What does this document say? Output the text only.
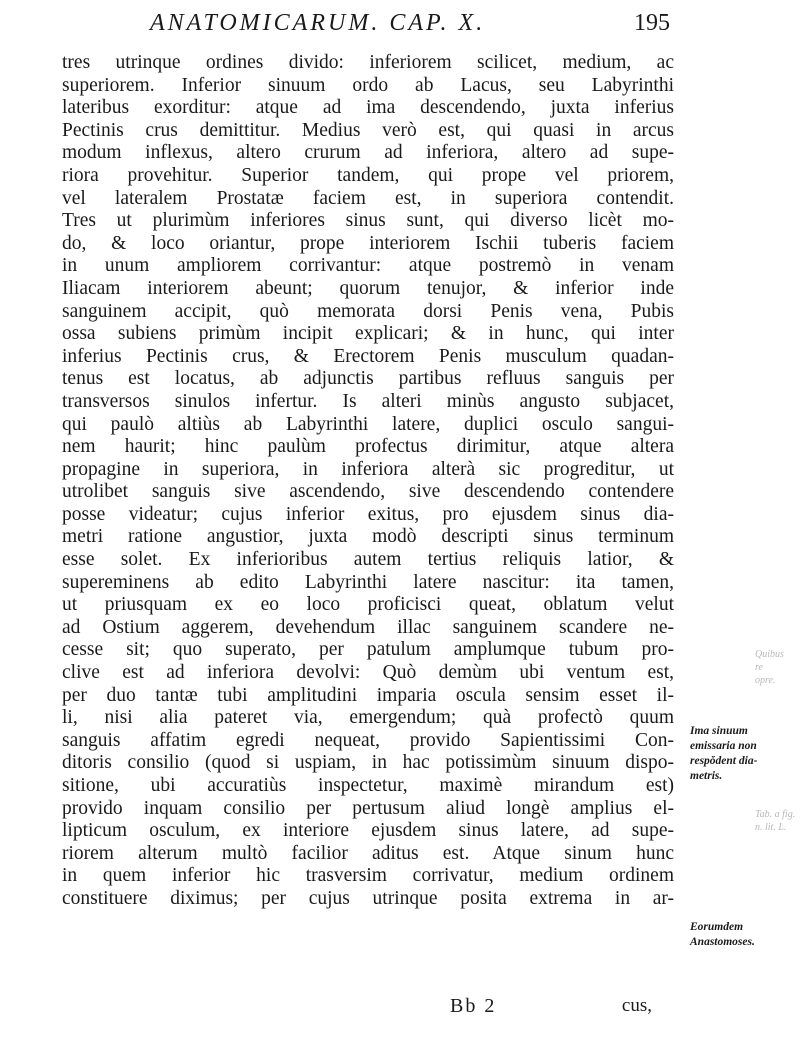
ANATOMICARUM. CAP. X.	195
tres utrinque ordines divido: inferiorem scilicet, medium, ac
superiorem. Inferior sinuum ordo ab Lacus, seu Labyrinthi
lateribus exorditur: atque ad ima descendendo, juxta inferius
Pectinis crus demittitur. Medius verò est, qui quasi in arcus
modum inflexus, altero crurum ad inferiora, altero ad supe-
riora provehitur. Superior tandem, qui prope vel priorem,
vel lateralem Prostatæ faciem est, in superiora contendit.
Tres ut plurimùm inferiores sinus sunt, qui diverso licèt mo-
do, & loco oriantur, prope interiorem Ischii tuberis faciem
in unum ampliorem corrivantur: atque postremò in venam
Iliacam interiorem abeunt; quorum tenujor, & inferior inde
sanguinem accipit, quò memorata dorsi Penis vena, Pubis
ossa subiens primùm incipit explicari; & in hunc, qui inter
inferius Pectinis crus, & Erectorem Penis musculum quadan-
tenus est locatus, ab adjunctis partibus refluus sanguis per
transversos sinulos infertur. Is alteri minùs angusto subjacet,
qui paulò altiùs ab Labyrinthi latere, duplici osculo sangui-
nem haurit; hinc paulùm profectus dirimitur, atque altera
propagine in superiora, in inferiora alterà sic progreditur, ut
utrolibet sanguis sive ascendendo, sive descendendo contendere
posse videatur; cujus inferior exitus, pro ejusdem sinus dia-
metri ratione angustior, juxta modò descripti sinus terminum
esse solet. Ex inferioribus autem tertius reliquis latior, &
supereminens ab edito Labyrinthi latere nascitur: ita tamen,
ut priusquam ex eo loco proficisci queat, oblatum velut
ad Ostium aggerem, devehendum illac sanguinem scandere ne-
cesse sit; quo superato, per patulum amplumque tubum pro-
clive est ad inferiora devolvi: Quò demùm ubi ventum est,
per duo tantæ tubi amplitudini imparia oscula sensim esset il-
li, nisi alia pateret via, emergendum; quà profectò quum
sanguis affatim egredi nequeat, provido Sapientissimi Con-
ditoris consilio (quod si uspiam, in hac potissimùm sinuum dispo-
sitione, ubi accuratiùs inspectetur, maximè mirandum est)
provido inquam consilio per pertusum aliud longè amplius el-
lipticum osculum, ex interiore ejusdem sinus latere, ad supe-
riorem alterum multò facilior aditus est. Atque sinum hunc
in quem inferior hic trasversim corrivatur, medium ordinem
constituere diximus; per cujus utrinque posita extrema in ar-
Quibus
re
opre.
Ima sinuum
emissaria non
respŏdent dia-
metris.
Tab. a fig.
n. lit. L.
Eorumdem
Anastomoses.
Bb 2	cus,
